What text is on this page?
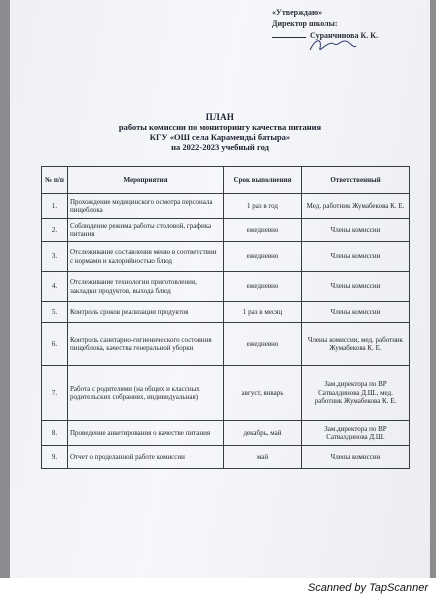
«Утверждаю»
Директор школы:
Суранчинова К. К.
ПЛАН
работы комиссии по мониторингу качества питания
КГУ «ОШ села Карамендьі батыра»
на 2022-2023 учебный год
№ п/п	Мероприятия	Срок выполнения	Ответственный
1.	Прохождение медицинского осмотра персонала пищеблока	1 раз в год	Мед. работник Жумабекова К. Е.
2.	Соблюдение режима работы столовой, графика питания	ежедневно	Члены комиссии
3.	Отслеживание составления меню в соответствии с нормами и калорийностью блюд	ежедневно	Члены комиссии
4.	Отслеживание технологии приготовления, закладки продуктов, выхода блюд	ежедневно	Члены комиссии
5.	Контроль сроков реализации продуктов	1 раз в месяц	Члены комиссии
6.	Контроль санитарно-гигиенического состояния пищеблока, качества генеральной уборки	ежедневно	Члены комиссии, мед. работник Жумабекова К. Е.
7.	Работа с родителями (на общих и классных родительских собраниях, индивидуальная)	август, январь	Зам.директора по ВР Сатвалдинова Д.Ш., мед. работник Жумабекова К. Е.
8.	Проведение анкетирования о качестве питания	декабрь, май	Зам.директора по ВР Сатвалдинова Д.Ш.
9.	Отчет о проделанной работе комиссии	май	Члены комиссии
Scanned by TapScanner
